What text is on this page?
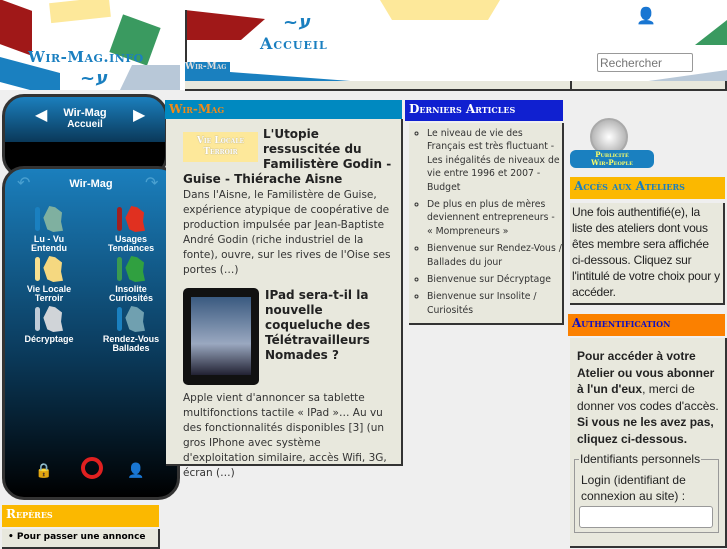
~ע
~ע
Wir-Mag.info
Accueil
Wir-Mag
👤
Rechercher
◀	▶
Wir-Mag
Accueil
↶	↷
Wir-Mag
Lu - Vu
Entendu
Usages
Tendances
Vie Locale
Terroir
Insolite
Curiosités
Décryptage	Rendez-Vous
Ballades
🔒	👤
Repères
• Pour passer une annonce
Wir-Mag
Vie Locale
Terroir
L'Utopie ressuscitée du Familistère Godin - Guise - Thiérache Aisne
Dans l'Aisne, le Familistère de Guise, expérience atypique de coopérative de production impulsée par Jean-Baptiste André Godin (riche industriel de la fonte), ouvre, sur les rives de l'Oise ses portes (…)
IPad sera-t-il la nouvelle coqueluche des Télétravailleurs Nomades ?
Apple vient d'annoncer sa tablette multifonctions tactile « IPad »… Au vu des fonctionnalités disponibles [3] (un gros IPhone avec système d'exploitation similaire, accès Wifi, 3G, écran (…)
Derniers Articles
◦ Le niveau de vie des Français est très fluctuant - Les inégalités de niveaux de vie entre 1996 et 2007 - Budget
◦ De plus en plus de mères deviennent entrepreneurs - « Mompreneurs »
◦ Bienvenue sur Rendez-Vous / Ballades du jour
◦ Bienvenue sur Décryptage
◦ Bienvenue sur Insolite / Curiosités
Publicité
Wir-People
Accès aux Ateliers
Une fois authentifié(e), la liste des ateliers dont vous êtes membre sera affichée ci-dessous. Cliquez sur l'intitulé de votre choix pour y accéder.
Authentification
Pour accéder à votre Atelier ou vous abonner à l'un d'eux, merci de donner vos codes d'accès. Si vous ne les avez pas, cliquez ci-dessous.
Identifiants personnels
Login (identifiant de connexion au site) :
